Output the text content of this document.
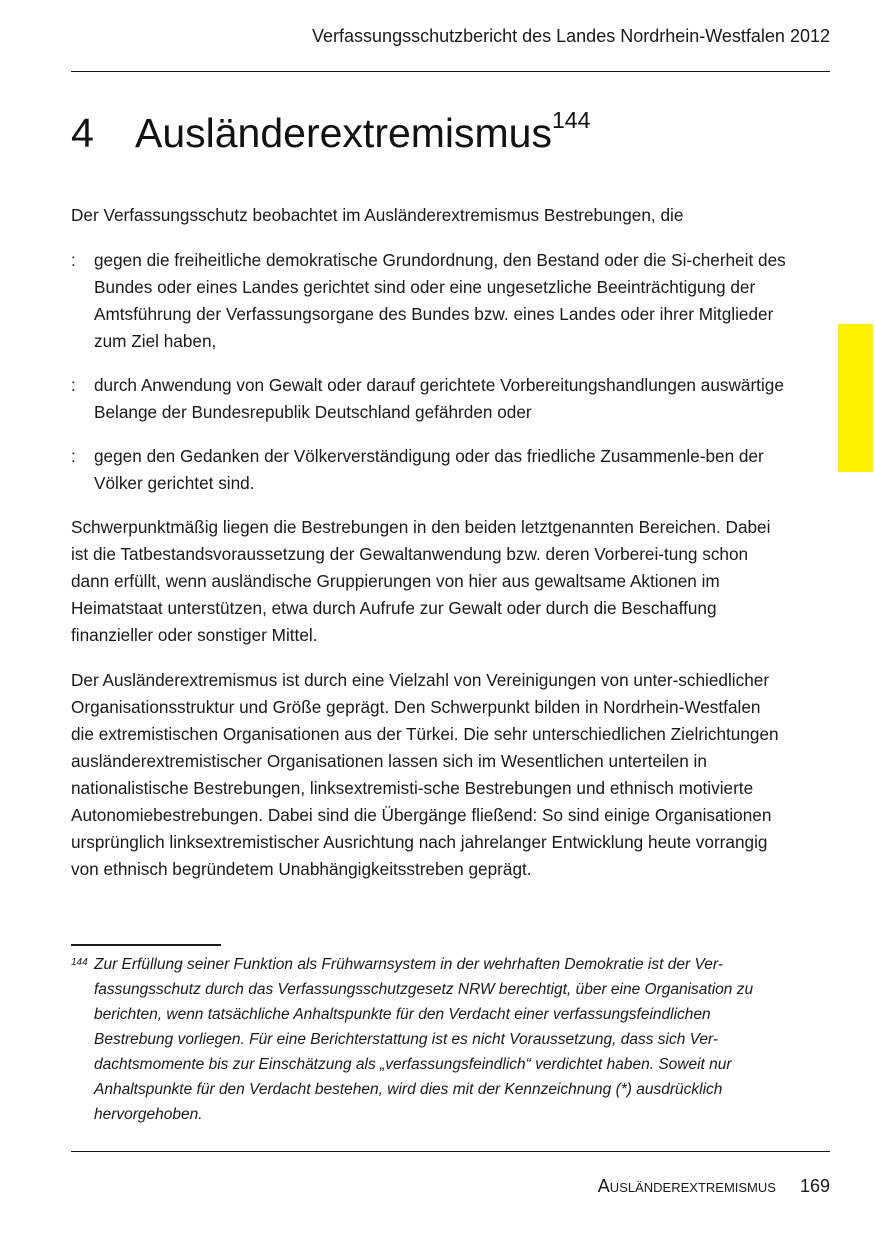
Verfassungsschutzbericht des Landes Nordrhein-Westfalen 2012
4 Ausländerextremismus$^{144}$

Der Verfassungsschutz beobachtet im Ausländerextremismus Bestrebungen, die

: gegen die freiheitliche demokratische Grundordnung, den Bestand oder die Si-cherheit des Bundes oder eines Landes gerichtet sind oder eine ungesetzliche Beeinträchtigung der Amtsführung der Verfassungsorgane des Bundes bzw. eines Landes oder ihrer Mitglieder zum Ziel haben,
: durch Anwendung von Gewalt oder darauf gerichtete Vorbereitungshandlungen auswärtige Belange der Bundesrepublik Deutschland gefährden oder
: gegen den Gedanken der Völkerverständigung oder das friedliche Zusammenle-ben der Völker gerichtet sind.

Schwerpunktmäßig liegen die Bestrebungen in den beiden letztgenannten Bereichen. Dabei ist die Tatbestandsvoraussetzung der Gewaltanwendung bzw. deren Vorberei-tung schon dann erfüllt, wenn ausländische Gruppierungen von hier aus gewaltsame Aktionen im Heimatstaat unterstützen, etwa durch Aufrufe zur Gewalt oder durch die Beschaffung finanzieller oder sonstiger Mittel.

Der Ausländerextremismus ist durch eine Vielzahl von Vereinigungen von unter-schiedlicher Organisationsstruktur und Größe geprägt. Den Schwerpunkt bilden in Nordrhein-Westfalen die extremistischen Organisationen aus der Türkei. Die sehr unterschiedlichen Zielrichtungen ausländerextremistischer Organisationen lassen sich im Wesentlichen unterteilen in nationalistische Bestrebungen, linksextremisti-sche Bestrebungen und ethnisch motivierte Autonomiebestrebungen. Dabei sind die Übergänge fließend: So sind einige Organisationen ursprünglich linksextremistischer Ausrichtung nach jahrelanger Entwicklung heute vorrangig von ethnisch begründetem Unabhängigkeitsstreben geprägt.

144 Zur Erfüllung seiner Funktion als Frühwarnsystem in der wehrhaften Demokratie ist der Ver-fassungsschutz durch das Verfassungsschutzgesetz NRW berechtigt, über eine Organisation zu berichten, wenn tatsächliche Anhaltspunkte für den Verdacht einer verfassungsfeindlichen Bestrebung vorliegen. Für eine Berichterstattung ist es nicht Voraussetzung, dass sich Ver-dachtsmomente bis zur Einschätzung als „verfassungsfeindlich“ verdichtet haben. Soweit nur Anhaltspunkte für den Verdacht bestehen, wird dies mit der Kennzeichnung (*) ausdrücklich hervorgehoben.
Ausländerextremismus 169
